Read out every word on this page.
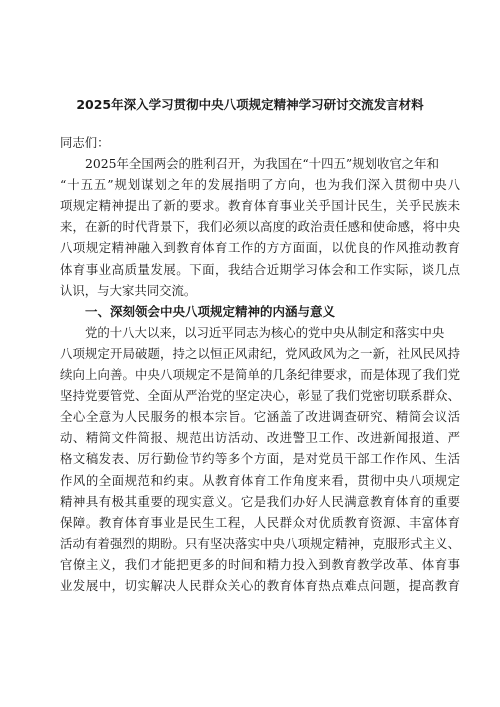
2025年深入学习贯彻中央八项规定精神学习研讨交流发言材料
同志们：
2025年全国两会的胜利召开，为我国在“十四五”规划收官之年和
“十五五”规划谋划之年的发展指明了方向，也为我们深入贯彻中央八
项规定精神提出了新的要求。教育体育事业关乎国计民生，关乎民族未
来，在新的时代背景下，我们必须以高度的政治责任感和使命感，将中央
八项规定精神融入到教育体育工作的方方面面，以优良的作风推动教育
体育事业高质量发展。下面，我结合近期学习体会和工作实际，谈几点
认识，与大家共同交流。
一、深刻领会中央八项规定精神的内涵与意义
党的十八大以来，以习近平同志为核心的党中央从制定和落实中央
八项规定开局破题，持之以恒正风肃纪，党风政风为之一新，社风民风持
续向上向善。中央八项规定不是简单的几条纪律要求，而是体现了我们党
坚持党要管党、全面从严治党的坚定决心，彰显了我们党密切联系群众、
全心全意为人民服务的根本宗旨。它涵盖了改进调查研究、精简会议活
动、精简文件简报、规范出访活动、改进警卫工作、改进新闻报道、严
格文稿发表、厉行勤俭节约等多个方面，是对党员干部工作作风、生活
作风的全面规范和约束。从教育体育工作角度来看，贯彻中央八项规定
精神具有极其重要的现实意义。它是我们办好人民满意教育体育的重要
保障。教育体育事业是民生工程，人民群众对优质教育资源、丰富体育
活动有着强烈的期盼。只有坚决落实中央八项规定精神，克服形式主义、
官僚主义，我们才能把更多的时间和精力投入到教育教学改革、体育事
业发展中，切实解决人民群众关心的教育体育热点难点问题，提高教育
